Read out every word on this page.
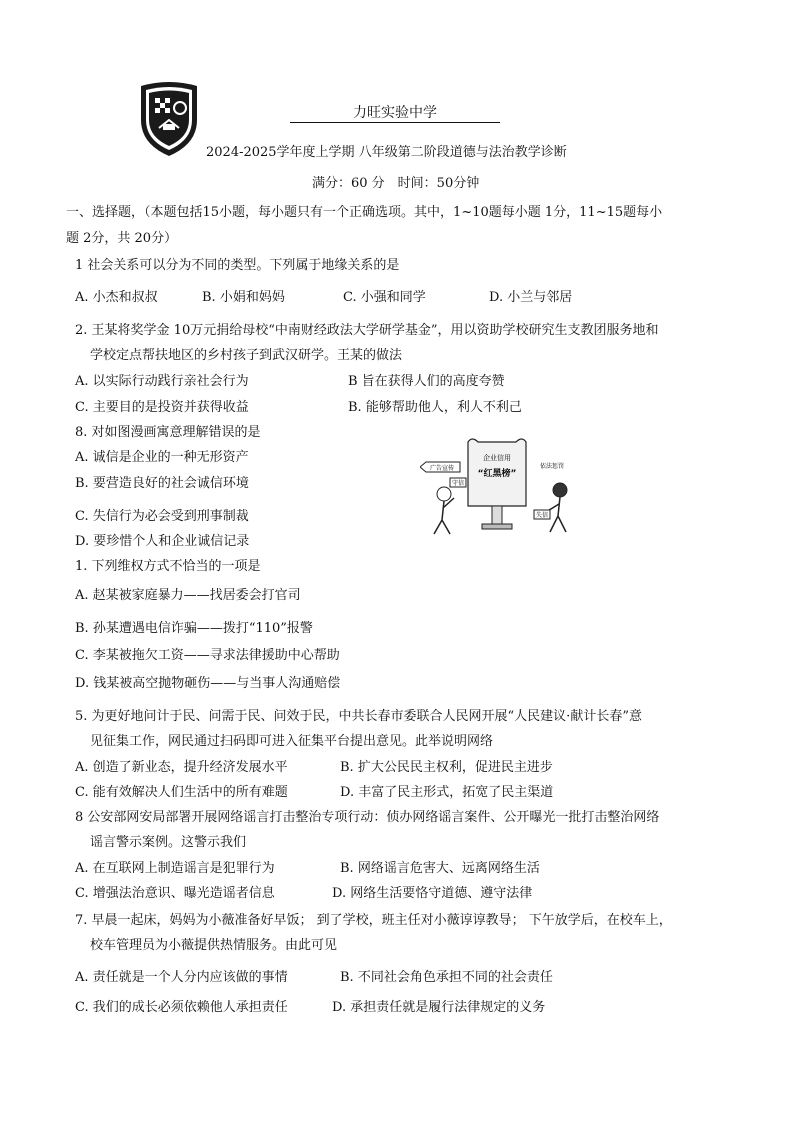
力旺实验中学
2024-2025学年度上学期 八年级第二阶段道德与法治教学诊断
满分：60 分　时间：50分钟
一、选择题，（本题包括15小题，每小题只有一个正确选项。其中，1~10题每小题 1分，11~15题每小
题 2分，共 20分）
1 社会关系可以分为不同的类型。下列属于地缘关系的是
A. 小杰和叔叔	B. 小娟和妈妈	C. 小强和同学	D. 小兰与邻居
2. 王某将奖学金 10万元捐给母校“中南财经政法大学研学基金”，用以资助学校研究生支教团服务地和
学校定点帮扶地区的乡村孩子到武汉研学。王某的做法
A. 以实际行动践行亲社会行为	B 旨在获得人们的高度夸赞
C. 主要目的是投资并获得收益	B. 能够帮助他人，利人不利己
8. 对如图漫画寓意理解错误的是
A. 诚信是企业的一种无形资产
B. 要营造良好的社会诚信环境
C. 失信行为必会受到刑事制裁
D. 要珍惜个人和企业诚信记录
企业信用
“红黑榜”
广告宣传	依法惩罚
守信
失信
1. 下列维权方式不恰当的一项是
A. 赵某被家庭暴力——找居委会打官司
B. 孙某遭遇电信诈骗——拨打“110”报警
C. 李某被拖欠工资——寻求法律援助中心帮助
D. 钱某被高空抛物砸伤——与当事人沟通赔偿
5. 为更好地问计于民、问需于民、问效于民，中共长春市委联合人民网开展“人民建议·献计长春”意
见征集工作，网民通过扫码即可进入征集平台提出意见。此举说明网络
A. 创造了新业态，提升经济发展水平	B. 扩大公民民主权利，促进民主进步
C. 能有效解决人们生活中的所有难题	D. 丰富了民主形式，拓宽了民主渠道
8 公安部网安局部署开展网络谣言打击整治专项行动：侦办网络谣言案件、公开曝光一批打击整治网络
谣言警示案例。这警示我们
A. 在互联网上制造谣言是犯罪行为	B. 网络谣言危害大、远离网络生活
C. 增强法治意识、曝光造谣者信息	D. 网络生活要恪守道德、遵守法律
7. 早晨一起床，妈妈为小薇准备好早饭； 到了学校，班主任对小薇谆谆教导； 下午放学后，在校车上，
校车管理员为小薇提供热情服务。由此可见
A. 责任就是一个人分内应该做的事情	B. 不同社会角色承担不同的社会责任
C. 我们的成长必须依赖他人承担责任	D. 承担责任就是履行法律规定的义务
